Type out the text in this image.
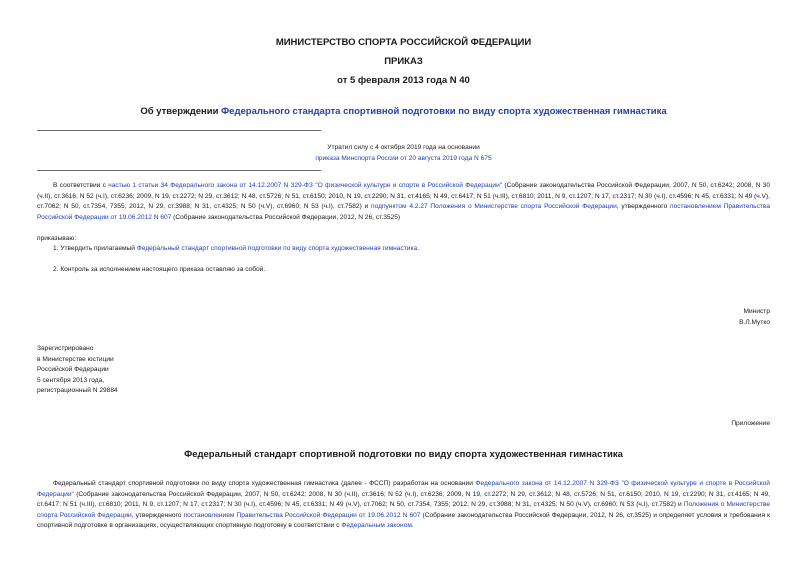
МИНИСТЕРСТВО СПОРТА РОССИЙСКОЙ ФЕДЕРАЦИИ
ПРИКАЗ
от 5 февраля 2013 года N 40
Об утверждении Федерального стандарта спортивной подготовки по виду спорта художественная гимнастика
Утратил силу с 4 октября 2019 года на основании
приказа Минспорта России от 20 августа 2019 года N 675
В соответствии с частью 1 статьи 34 Федерального закона от 14.12.2007 N 329-ФЗ "О физической культуре и спорте в Российской Федерации" (Собрание законодательства Российской Федерации, 2007, N 50, ст.6242; 2008, N 30 (ч.II), ст.3616; N 52 (ч.I), ст.6236; 2009, N 19, ст.2272; N 29, ст.3612; N 48, ст.5726; N 51, ст.6150; 2010, N 19, ст.2290; N 31, ст.4165; N 49, ст.6417; N 51 (ч.III), ст.6810; 2011, N 9, ст.1207; N 17, ст.2317; N 30 (ч.I), ст.4596; N 45, ст.6331; N 49 (ч.V), ст.7062; N 50, ст.7354, 7355; 2012, N 29, ст.3988; N 31, ст.4325; N 50 (ч.V), ст.6960; N 53 (ч.I), ст.7582) и подпунктом 4.2.27 Положения о Министерстве спорта Российской Федерации, утвержденного постановлением Правительства Российской Федерации от 19.06.2012 N 607 (Собрание законодательства Российской Федерации, 2012, N 26, ст.3525)
приказываю:
1. Утвердить прилагаемый Федеральный стандарт спортивной подготовки по виду спорта художественная гимнастика.
2. Контроль за исполнением настоящего приказа оставляю за собой.
Министр
В.Л.Мутко
Зарегистрировано
в Министерстве юстиции
Российской Федерации
5 сентября 2013 года,
регистрационный N 29884
Приложение
Федеральный стандарт спортивной подготовки по виду спорта художественная гимнастика
Федеральный стандарт спортивной подготовки по виду спорта художественная гимнастика (далее - ФССП) разработан на основании Федерального закона от 14.12.2007 N 329-ФЗ "О физической культуре и спорте в Российской Федерации" (Собрание законодательства Российской Федерации, 2007, N 50, ст.6242; 2008, N 30 (ч.II), ст.3616; N 52 (ч.I), ст.6236; 2009, N 19, ст.2272; N 29, ст.3612; N 48, ст.5726; N 51, ст.6150; 2010, N 19, ст.2290; N 31, ст.4165; N 49, ст.6417; N 51 (ч.III), ст.6810; 2011, N 9, ст.1207; N 17, ст.2317; N 30 (ч.I), ст.4596; N 45, ст.6331; N 49 (ч.V), ст.7062; N 50, ст.7354, 7355; 2012, N 29, ст.3988; N 31, ст.4325; N 50 (ч.V), ст.6960; N 53 (ч.I), ст.7582) и Положения о Министерстве спорта Российской Федерации, утвержденного постановлением Правительства Российской Федерации от 19.06.2012 N 607 (Собрание законодательства Российской Федерации, 2012, N 26, ст.3525) и определяет условия и требования к спортивной подготовке в организациях, осуществляющих спортивную подготовку в соответствии с Федеральным законом.
